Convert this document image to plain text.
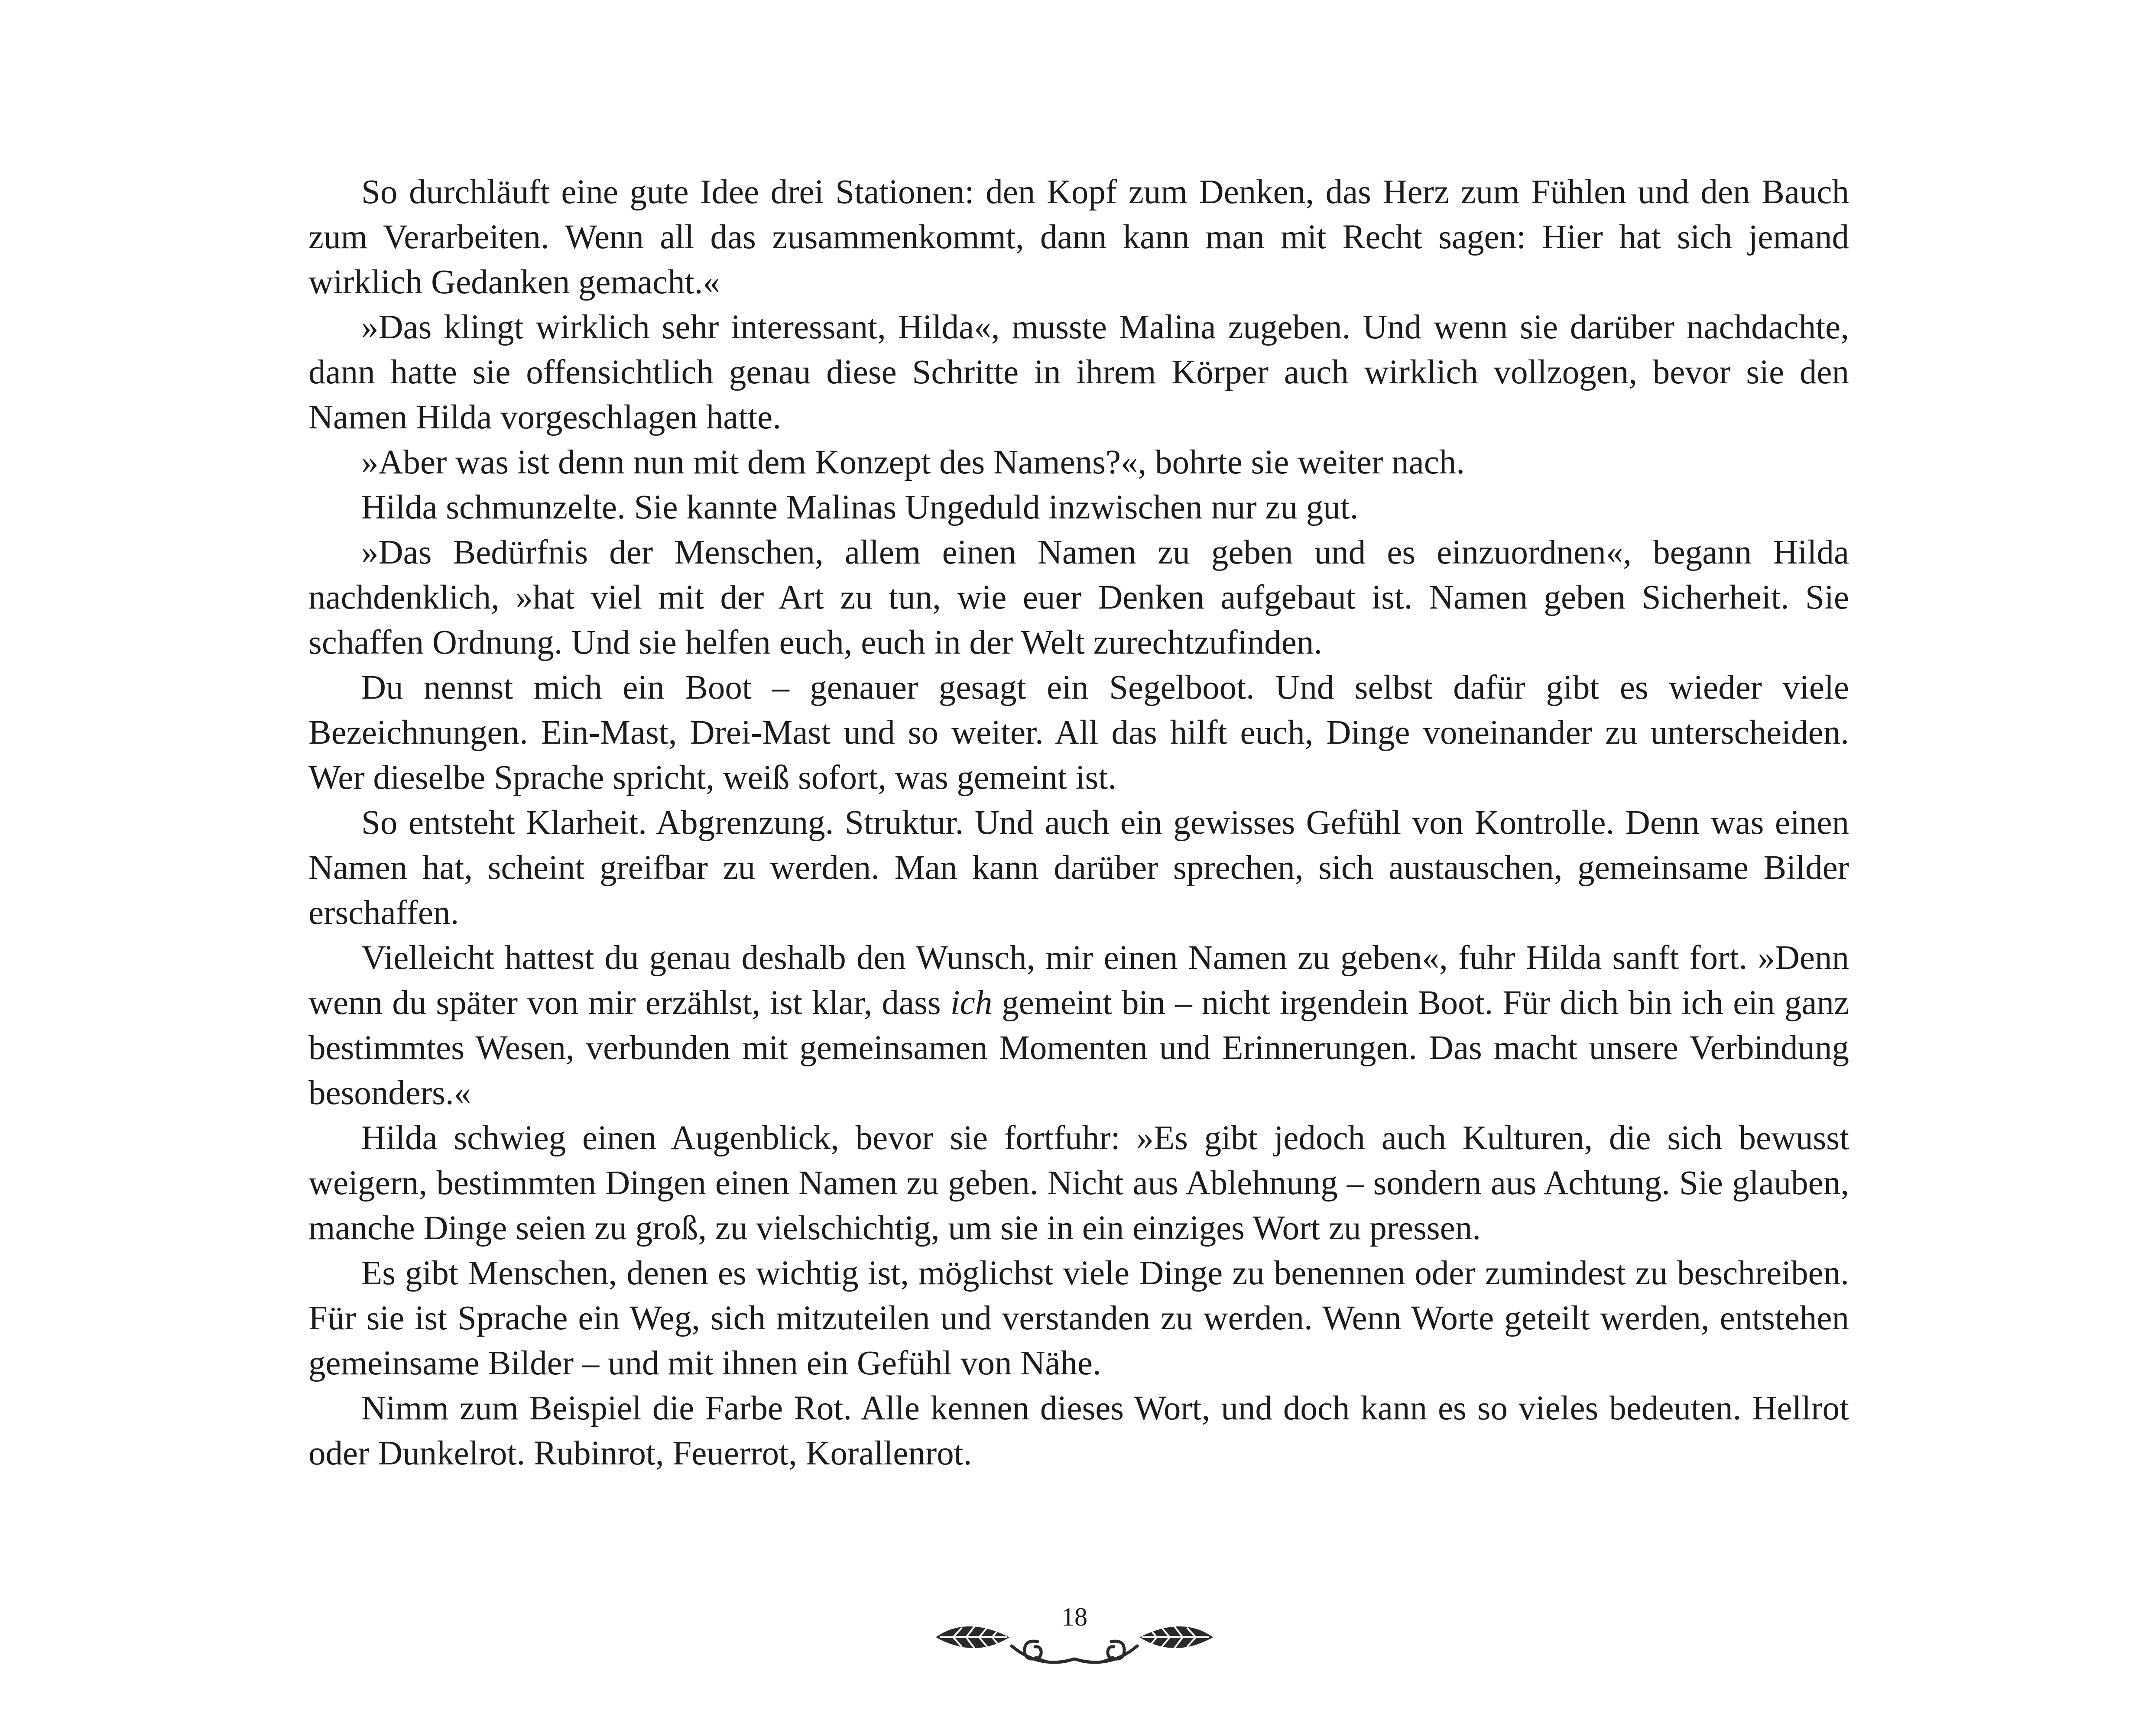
So durchläuft eine gute Idee drei Stationen: den Kopf zum Denken, das Herz zum Fühlen und den Bauch zum Verarbeiten. Wenn all das zusammenkommt, dann kann man mit Recht sagen: Hier hat sich jemand wirklich Gedanken gemacht.«

»Das klingt wirklich sehr interessant, Hilda«, musste Malina zugeben. Und wenn sie darüber nachdachte, dann hatte sie offensichtlich genau diese Schritte in ihrem Körper auch wirklich vollzogen, bevor sie den Namen Hilda vorgeschlagen hatte.

»Aber was ist denn nun mit dem Konzept des Namens?«, bohrte sie weiter nach.

Hilda schmunzelte. Sie kannte Malinas Ungeduld inzwischen nur zu gut.

»Das Bedürfnis der Menschen, allem einen Namen zu geben und es einzuordnen«, begann Hilda nachdenklich, »hat viel mit der Art zu tun, wie euer Denken aufgebaut ist. Namen geben Sicherheit. Sie schaffen Ordnung. Und sie helfen euch, euch in der Welt zurechtzufinden.

Du nennst mich ein Boot – genauer gesagt ein Segelboot. Und selbst dafür gibt es wieder viele Bezeichnungen. Ein-Mast, Drei-Mast und so weiter. All das hilft euch, Dinge voneinander zu unterscheiden. Wer dieselbe Sprache spricht, weiß sofort, was gemeint ist.

So entsteht Klarheit. Abgrenzung. Struktur. Und auch ein gewisses Gefühl von Kontrolle. Denn was einen Namen hat, scheint greifbar zu werden. Man kann darüber sprechen, sich austauschen, gemeinsame Bilder erschaffen.

Vielleicht hattest du genau deshalb den Wunsch, mir einen Namen zu geben«, fuhr Hilda sanft fort. »Denn wenn du später von mir erzählst, ist klar, dass ich gemeint bin – nicht irgendein Boot. Für dich bin ich ein ganz bestimmtes Wesen, verbunden mit gemeinsamen Momenten und Erinnerungen. Das macht unsere Verbindung besonders.«

Hilda schwieg einen Augenblick, bevor sie fortfuhr: »Es gibt jedoch auch Kulturen, die sich bewusst weigern, bestimmten Dingen einen Namen zu geben. Nicht aus Ablehnung – sondern aus Achtung. Sie glauben, manche Dinge seien zu groß, zu vielschichtig, um sie in ein einziges Wort zu pressen.

Es gibt Menschen, denen es wichtig ist, möglichst viele Dinge zu benennen oder zumindest zu beschreiben. Für sie ist Sprache ein Weg, sich mitzuteilen und verstanden zu werden. Wenn Worte geteilt werden, entstehen gemeinsame Bilder – und mit ihnen ein Gefühl von Nähe.

Nimm zum Beispiel die Farbe Rot. Alle kennen dieses Wort, und doch kann es so vieles bedeuten. Hellrot oder Dunkelrot. Rubinrot, Feuerrot, Korallenrot.

18
